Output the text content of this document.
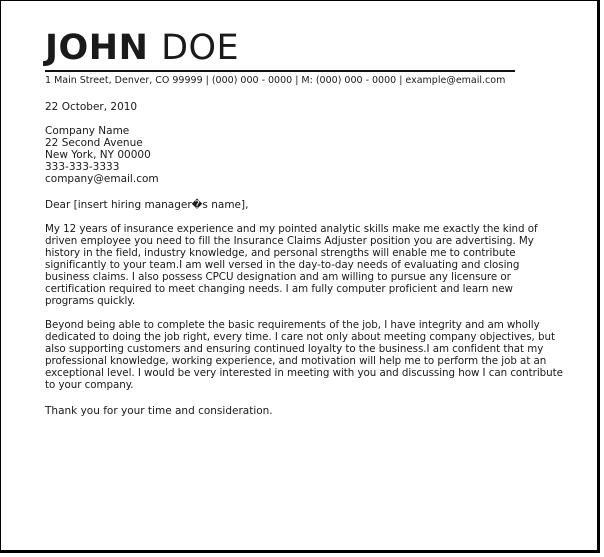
JOHN DOE
1 Main Street, Denver, CO 99999 | (000) 000 - 0000 | M: (000) 000 - 0000 | example@email.com
22 October, 2010
Company Name
22 Second Avenue
New York, NY 00000
333-333-3333
company@email.com
Dear [insert hiring manager�s name],
My 12 years of insurance experience and my pointed analytic skills make me exactly the kind of driven employee you need to fill the Insurance Claims Adjuster position you are advertising. My history in the field, industry knowledge, and personal strengths will enable me to contribute significantly to your team.I am well versed in the day-to-day needs of evaluating and closing business claims. I also possess CPCU designation and am willing to pursue any licensure or certification required to meet changing needs. I am fully computer proficient and learn new programs quickly.
Beyond being able to complete the basic requirements of the job, I have integrity and am wholly dedicated to doing the job right, every time. I care not only about meeting company objectives, but also supporting customers and ensuring continued loyalty to the business.I am confident that my professional knowledge, working experience, and motivation will help me to perform the job at an exceptional level. I would be very interested in meeting with you and discussing how I can contribute to your company.
Thank you for your time and consideration.
